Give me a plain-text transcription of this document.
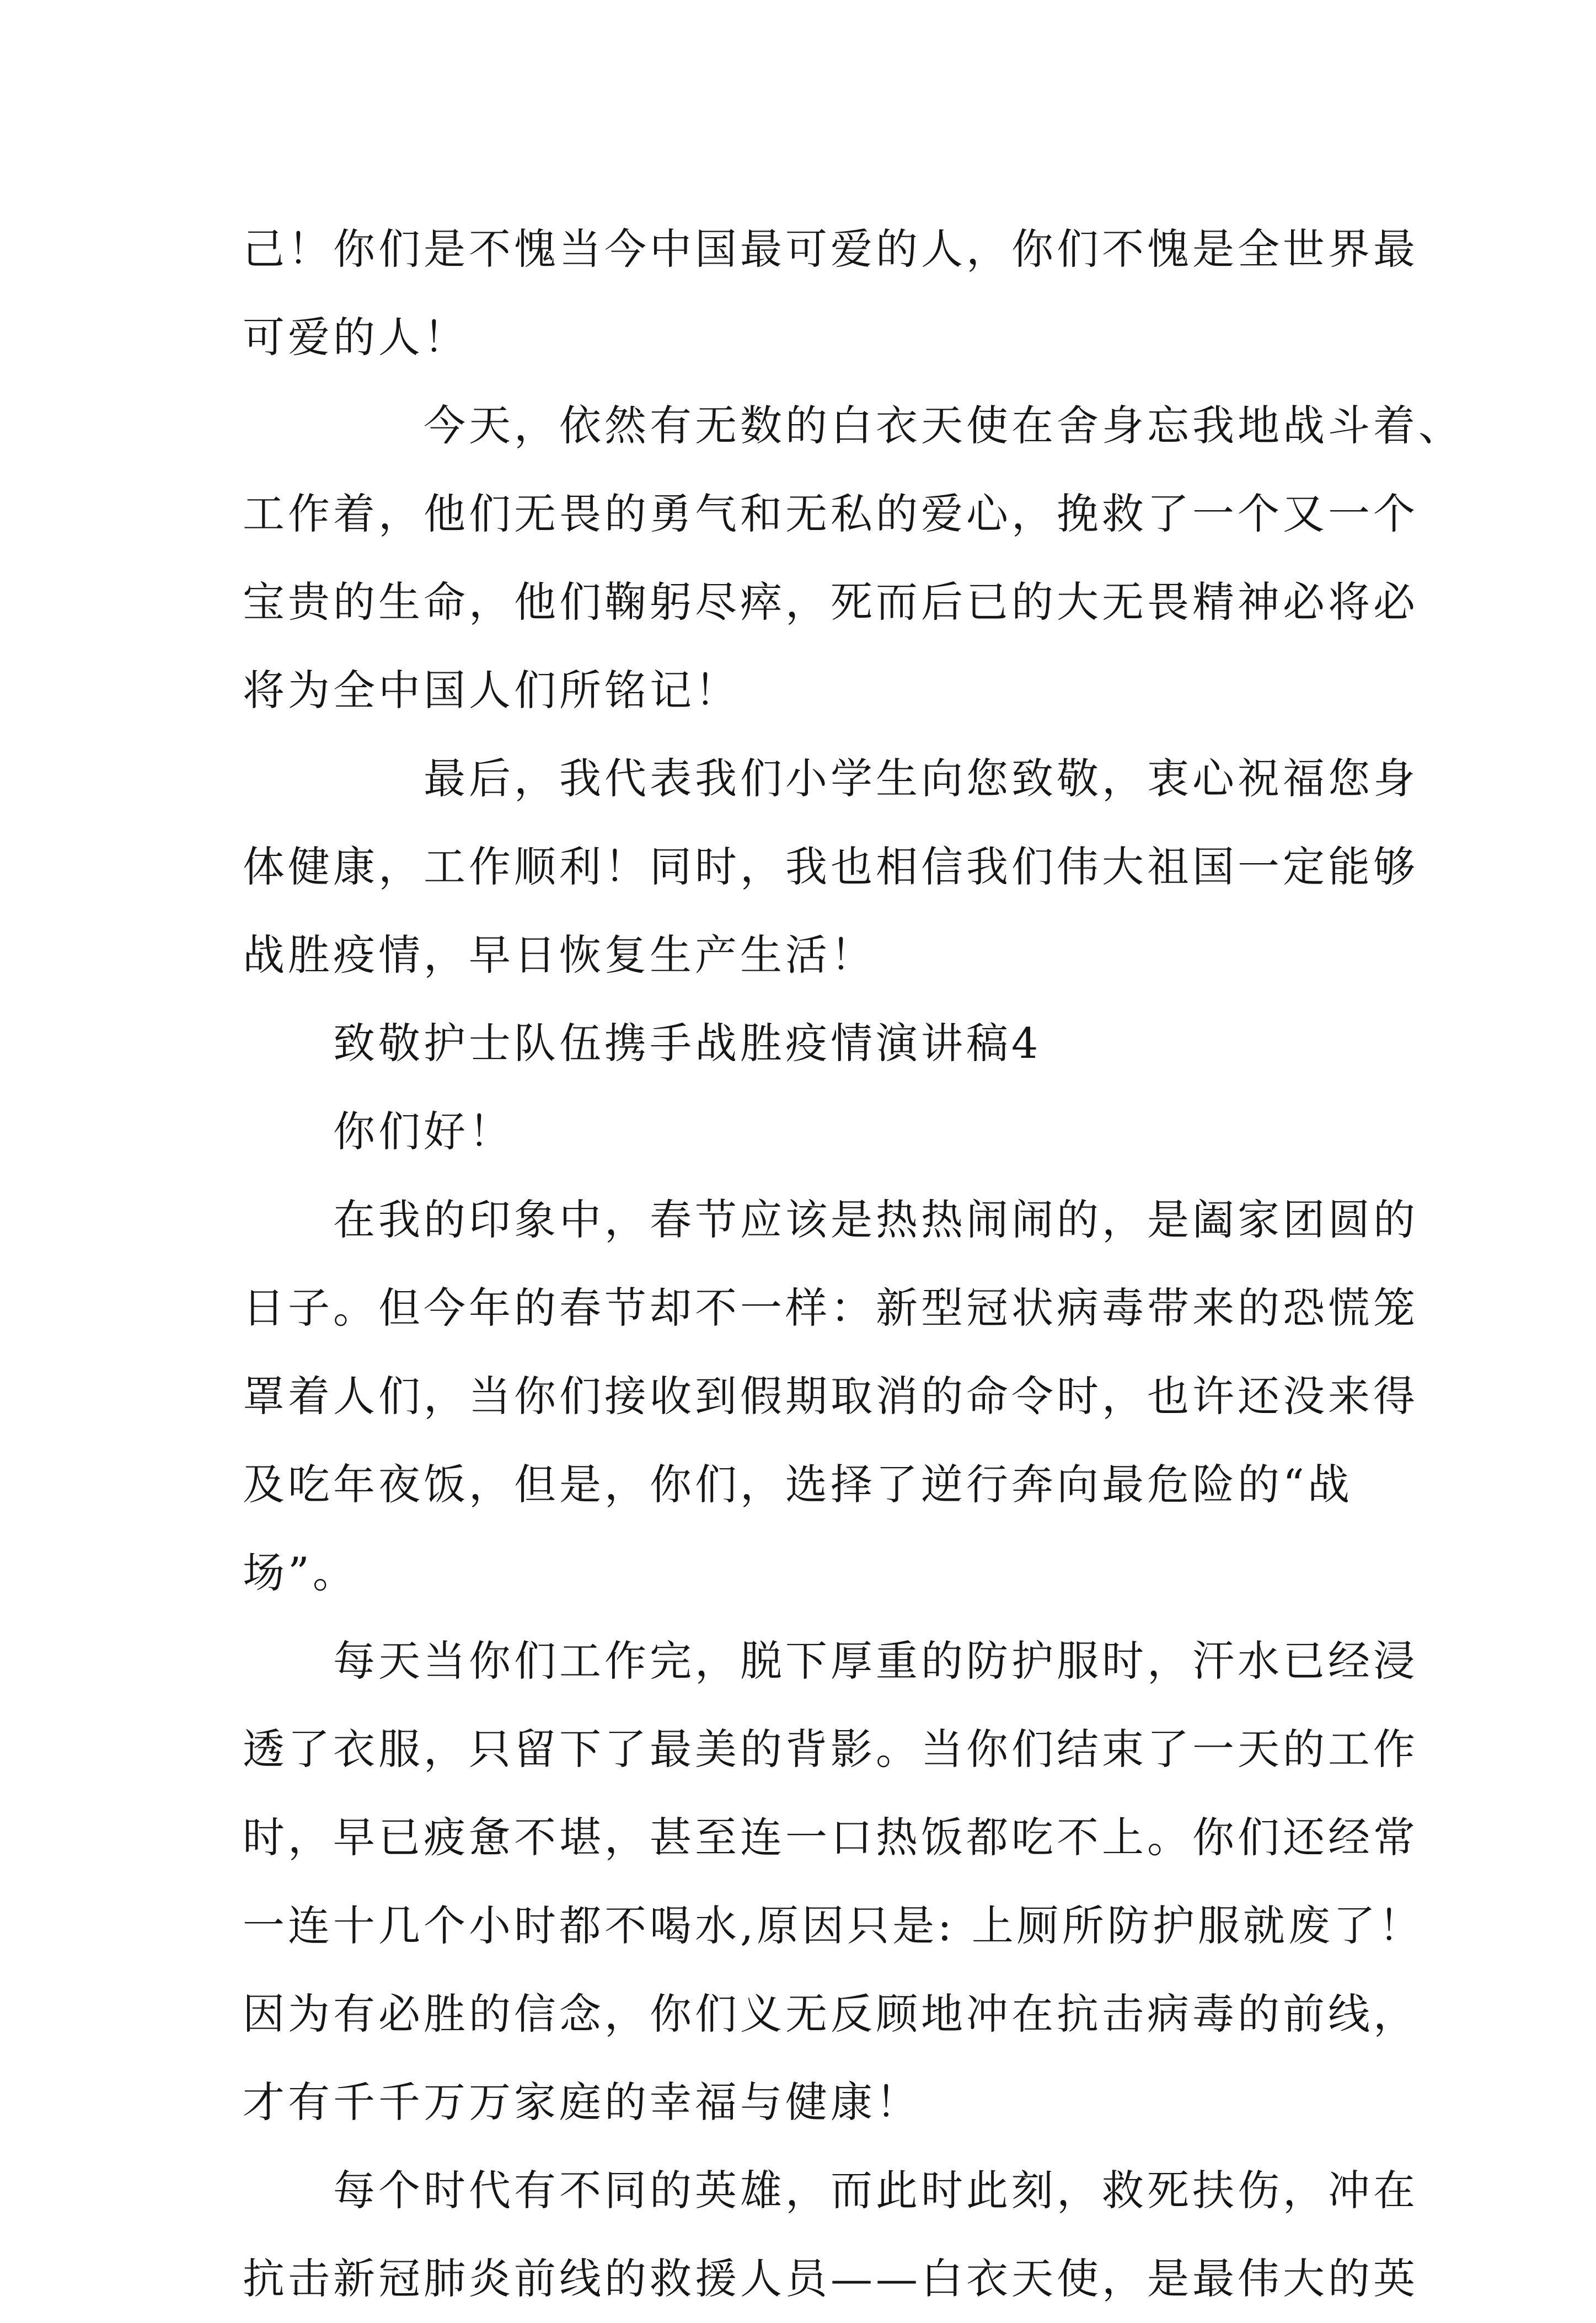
己！你们是不愧当今中国最可爱的人，你们不愧是全世界最
可爱的人！
今天，依然有无数的白衣天使在舍身忘我地战斗着、
工作着，他们无畏的勇气和无私的爱心，挽救了一个又一个
宝贵的生命，他们鞠躬尽瘁，死而后已的大无畏精神必将必
将为全中国人们所铭记！
最后，我代表我们小学生向您致敬，衷心祝福您身
体健康，工作顺利！同时，我也相信我们伟大祖国一定能够
战胜疫情，早日恢复生产生活！
致敬护士队伍携手战胜疫情演讲稿4
你们好！
在我的印象中，春节应该是热热闹闹的，是阖家团圆的
日子。但今年的春节却不一样：新型冠状病毒带来的恐慌笼
罩着人们，当你们接收到假期取消的命令时，也许还没来得
及吃年夜饭，但是，你们，选择了逆行奔向最危险的“战
场”。
每天当你们工作完，脱下厚重的防护服时，汗水已经浸
透了衣服，只留下了最美的背影。当你们结束了一天的工作
时，早已疲惫不堪，甚至连一口热饭都吃不上。你们还经常
一连十几个小时都不喝水,原因只是: 上厕所防护服就废了！
因为有必胜的信念，你们义无反顾地冲在抗击病毒的前线，
才有千千万万家庭的幸福与健康！
每个时代有不同的英雄，而此时此刻，救死扶伤，冲在
抗击新冠肺炎前线的救援人员——白衣天使，是最伟大的英
